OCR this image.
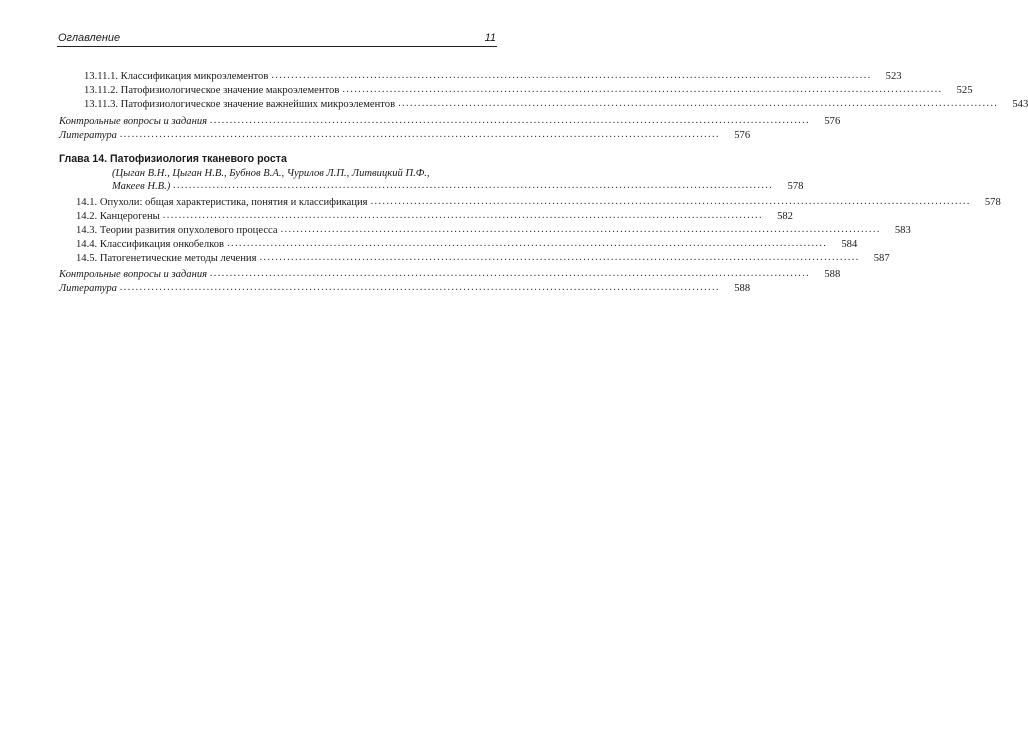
Оглавление	11
13.11.1. Классификация микроэлементов ........................................................................................................................................................	523
13.11.2. Патофизиологическое значение макроэлементов ........................................................................................................................................................	525
13.11.3. Патофизиологическое значение важнейших микроэлементов ........................................................................................................................................................	543
Контрольные вопросы и задания ........................................................................................................................................................	576
Литература ........................................................................................................................................................	576
Глава 14. Патофизиология тканевого роста
(Цыган В.Н., Цыган Н.В., Бубнов В.А., Чурилов Л.П., Литвицкий П.Ф.,
Макеев Н.В.) ........................................................................................................................................................	578
14.1. Опухоли: общая характеристика, понятия и классификация ........................................................................................................................................................	578
14.2. Канцерогены ........................................................................................................................................................	582
14.3. Теории развития опухолевого процесса ........................................................................................................................................................	583
14.4. Классификация онкобелков ........................................................................................................................................................	584
14.5. Патогенетические методы лечения ........................................................................................................................................................	587
Контрольные вопросы и задания ........................................................................................................................................................	588
Литература ........................................................................................................................................................	588
